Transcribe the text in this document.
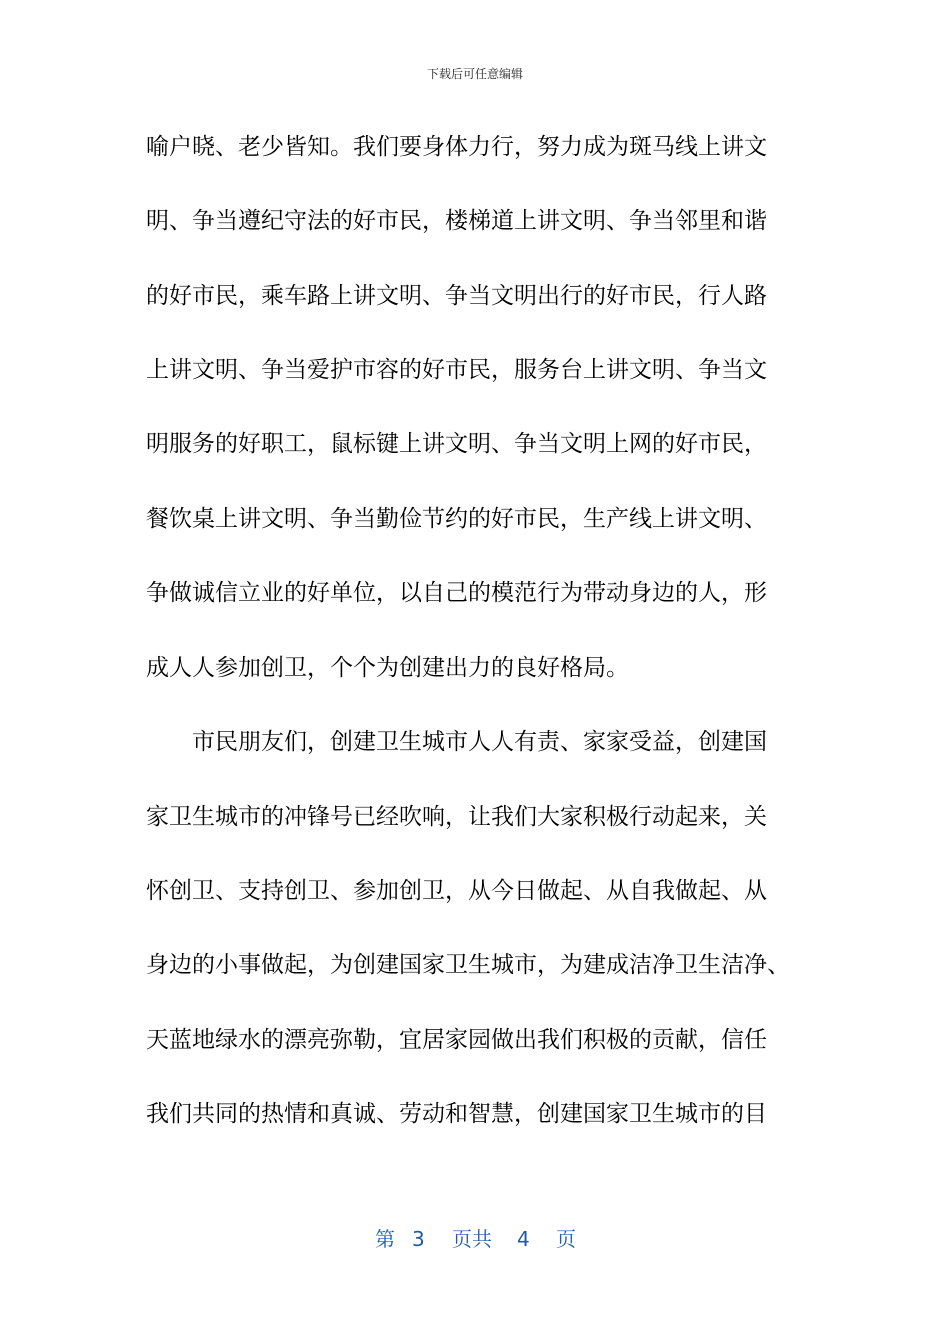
下载后可任意编辑
喻户晓、老少皆知。我们要身体力行，努力成为斑马线上讲文
明、争当遵纪守法的好市民，楼梯道上讲文明、争当邻里和谐
的好市民，乘车路上讲文明、争当文明出行的好市民，行人路
上讲文明、争当爱护市容的好市民，服务台上讲文明、争当文
明服务的好职工，鼠标键上讲文明、争当文明上网的好市民，
餐饮桌上讲文明、争当勤俭节约的好市民，生产线上讲文明、
争做诚信立业的好单位，以自己的模范行为带动身边的人，形
成人人参加创卫，个个为创建出力的良好格局。
　　市民朋友们，创建卫生城市人人有责、家家受益，创建国
家卫生城市的冲锋号已经吹响，让我们大家积极行动起来，关
怀创卫、支持创卫、参加创卫，从今日做起、从自我做起、从
身边的小事做起，为创建国家卫生城市，为建成洁净卫生洁净、
天蓝地绿水的漂亮弥勒，宜居家园做出我们积极的贡献，信任
我们共同的热情和真诚、劳动和智慧，创建国家卫生城市的目
第 3 页共 4 页
